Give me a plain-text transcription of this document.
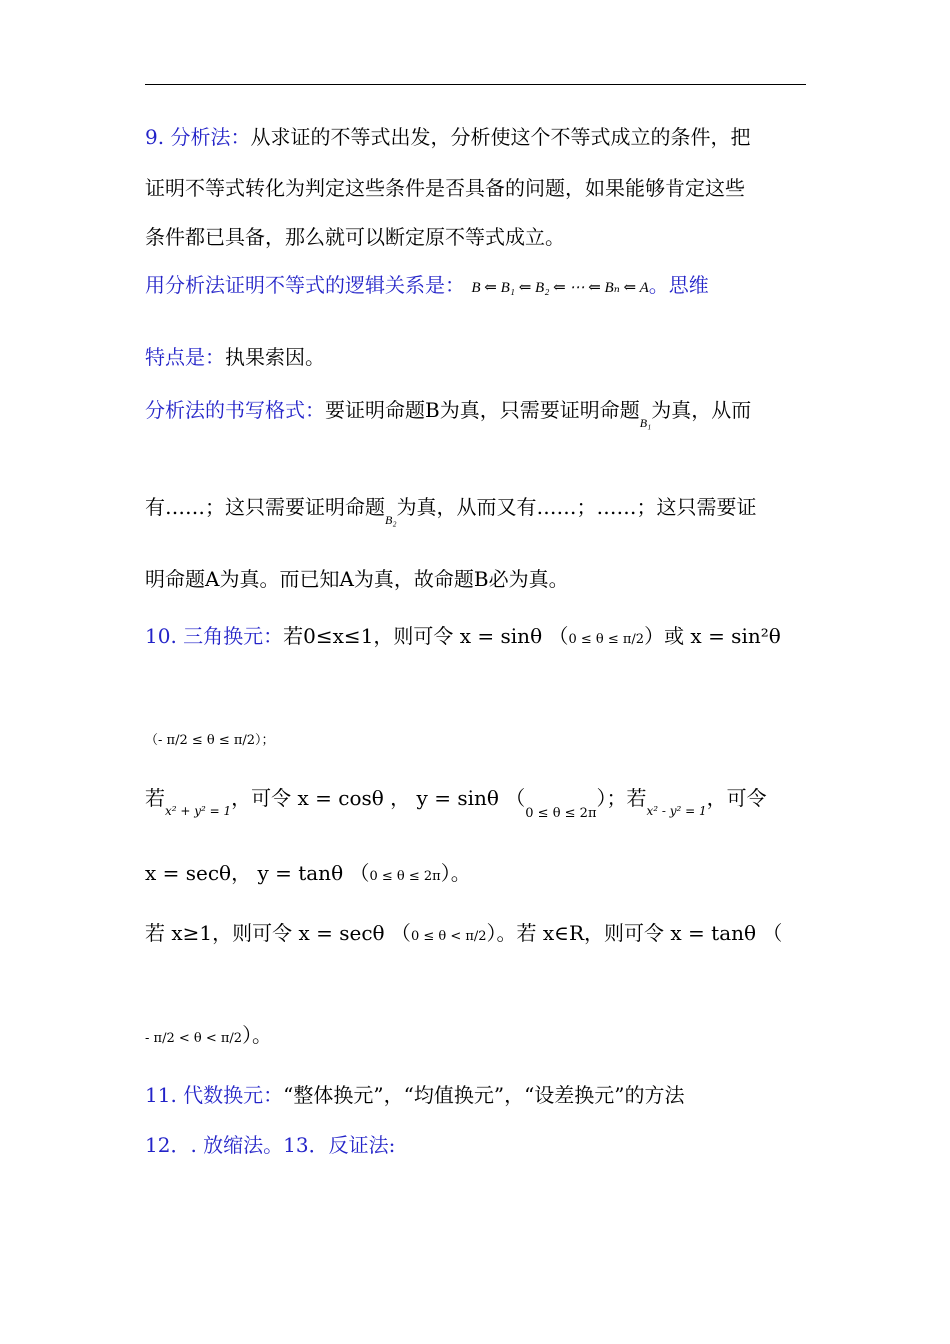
9. 分析法：从求证的不等式出发，分析使这个不等式成立的条件，把
证明不等式转化为判定这些条件是否具备的问题，如果能够肯定这些
条件都已具备，那么就可以断定原不等式成立。
用分析法证明不等式的逻辑关系是： B ⇐ B₁ ⇐ B₂ ⇐ ⋯ ⇐ Bₙ ⇐ A。思维
特点是：执果索因。
分析法的书写格式：要证明命题B为真，只需要证明命题$_{B_1}$为真，从而
有……；这只需要证明命题$_{B_2}$为真，从而又有……；……；这只需要证
明命题A为真。而已知A为真，故命题B必为真。
10. 三角换元：若0≤x≤1，则可令 x = sinθ （0 ≤ θ ≤ π/2）或 x = sin²θ
（- π/2 ≤ θ ≤ π/2）；
若$_{x^2 + y^2 = 1}$，可令 x = cosθ ， y = sinθ （0 ≤ θ ≤ 2π）；若$_{x^2 - y^2 = 1}$，可令
x = secθ， y = tanθ （0 ≤ θ ≤ 2π）。
若 x≥1，则可令 x = secθ （0 ≤ θ < π/2）。若 x∈R，则可令 x = tanθ （
- π/2 < θ < π/2）。
11. 代数换元：“整体换元”，“均值换元”，“设差换元”的方法
12．. 放缩法。13．反证法:
